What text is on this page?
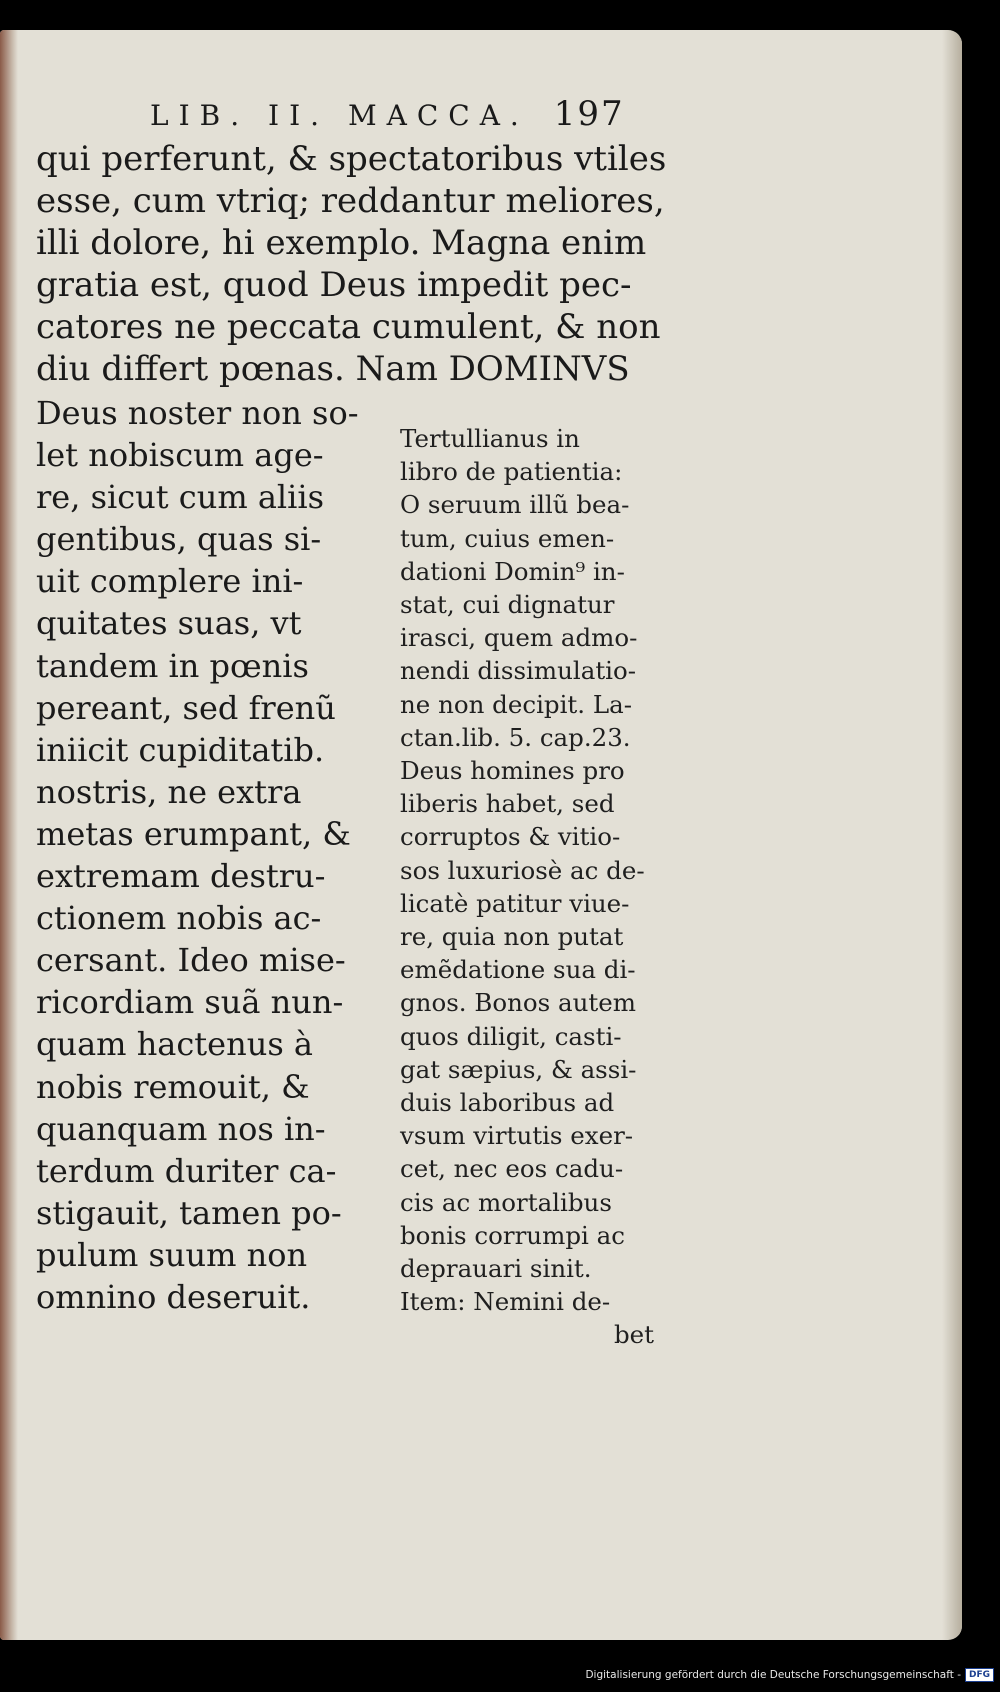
LIB. II. MACCA. 197
qui perferunt, & spectatoribus vtiles
esse, cum vtriq; reddantur meliores,
illi dolore, hi exemplo. Magna enim
gratia est, quod Deus impedit pec-
catores ne peccata cumulent, & non
diu differt pœnas. Nam DOMINVS
Deus noster non so-
let nobiscum age-
re, sicut cum aliis
gentibus, quas si-
uit complere ini-
quitates suas, vt
tandem in pœnis
pereant, sed frenũ
iniicit cupiditatib.
nostris, ne extra
metas erumpant, &
extremam destru-
ctionem nobis ac-
cersant. Ideo mise-
ricordiam suã nun-
quam hactenus à
nobis remouit, &
quanquam nos in-
terdum duriter ca-
stigauit, tamen po-
pulum suum non
omnino deseruit.
Tertullianus in
libro de patientia:
O seruum illũ bea-
tum, cuius emen-
dationi Domin⁹ in-
stat, cui dignatur
irasci, quem admo-
nendi dissimulatio-
ne non decipit. La-
ctan.lib. 5. cap.23.
Deus homines pro
liberis habet, sed
corruptos & vitio-
sos luxuriosè ac de-
licatè patitur viue-
re, quia non putat
emẽdatione sua di-
gnos. Bonos autem
quos diligit, casti-
gat sæpius, & assi-
duis laboribus ad
vsum virtutis exer-
cet, nec eos cadu-
cis ac mortalibus
bonis corrumpi ac
deprauari sinit.
Item: Nemini de-
bet
Digitalisierung gefördert durch die Deutsche Forschungsgemeinschaft - DFG
